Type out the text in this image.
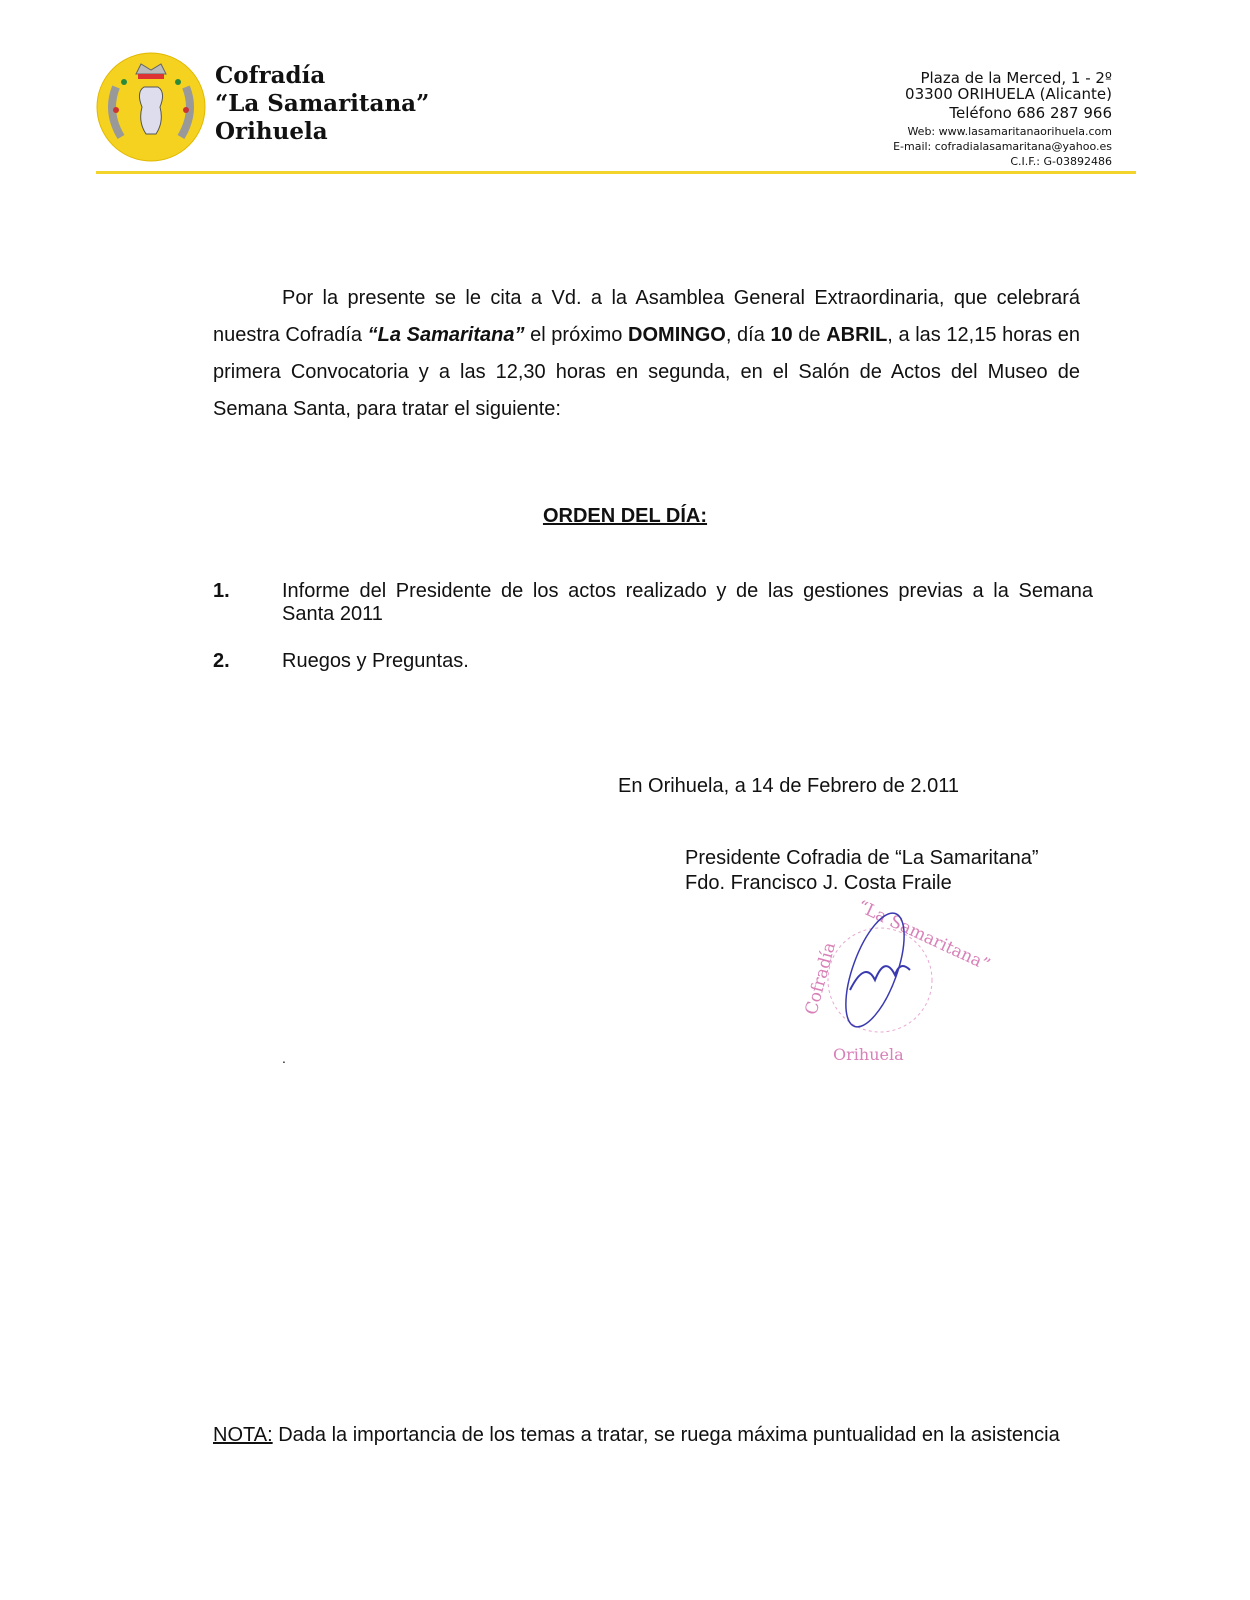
Cofradía
“La Samaritana”
Orihuela
Plaza de la Merced, 1 - 2º
03300 ORIHUELA (Alicante)
Teléfono 686 287 966
Web: www.lasamaritanaorihuela.com
E-mail: cofradialasamaritana@yahoo.es
C.I.F.: G-03892486
Por la presente se le cita a Vd. a la Asamblea General Extraordinaria, que celebrará nuestra Cofradía “La Samaritana” el próximo DOMINGO, día 10 de ABRIL, a las 12,15 horas en primera Convocatoria y a las 12,30 horas en segunda, en el Salón de Actos del Museo de Semana Santa, para tratar el siguiente:
ORDEN DEL DÍA:
1.	Informe del Presidente de los actos realizado y de las gestiones previas a la Semana Santa 2011
2.	Ruegos y Preguntas.
En Orihuela, a 14 de Febrero de 2.011
Presidente Cofradia de “La Samaritana”
Fdo. Francisco J. Costa Fraile
Cofradía
“La Samaritana”
Orihuela
.
NOTA: Dada la importancia de los temas a tratar, se ruega máxima puntualidad en la asistencia
